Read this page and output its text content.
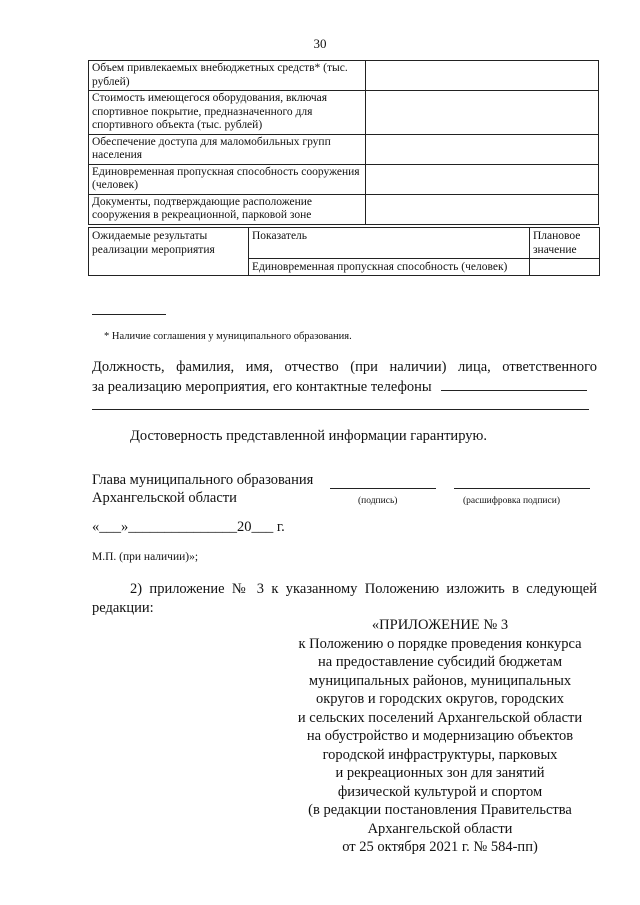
30
Объем привлекаемых внебюджетных средств* (тыс. рублей)	
Стоимость имеющегося оборудования, включая спортивное покрытие, предназначенного для спортивного объекта (тыс. рублей)	
Обеспечение доступа для маломобильных групп населения	
Единовременная пропускная способность сооружения (человек)	
Документы, подтверждающие расположение сооружения в рекреационной, парковой зоне	
Ожидаемые результаты реализации мероприятия	Показатель	Плановое значение
	Единовременная пропускная способность (человек)	
* Наличие соглашения у муниципального образования.
Должность, фамилия, имя, отчество (при наличии) лица, ответственного
за реализацию мероприятия, его контактные телефоны
Достоверность представленной информации гарантирую.
Глава муниципального образования
Архангельской области	(подпись)	(расшифровка подписи)
«___»_______________20___ г.
М.П. (при наличии)»;
2) приложение № 3 к указанному Положению изложить в следующей
редакции:
«ПРИЛОЖЕНИЕ № 3
к Положению о порядке проведения конкурса
на предоставление субсидий бюджетам
муниципальных районов, муниципальных
округов и городских округов, городских
и сельских поселений Архангельской области
на обустройство и модернизацию объектов
городской инфраструктуры, парковых
и рекреационных зон для занятий
физической культурой и спортом
(в редакции постановления Правительства
Архангельской области
от 25 октября 2021 г. № 584-пп)
